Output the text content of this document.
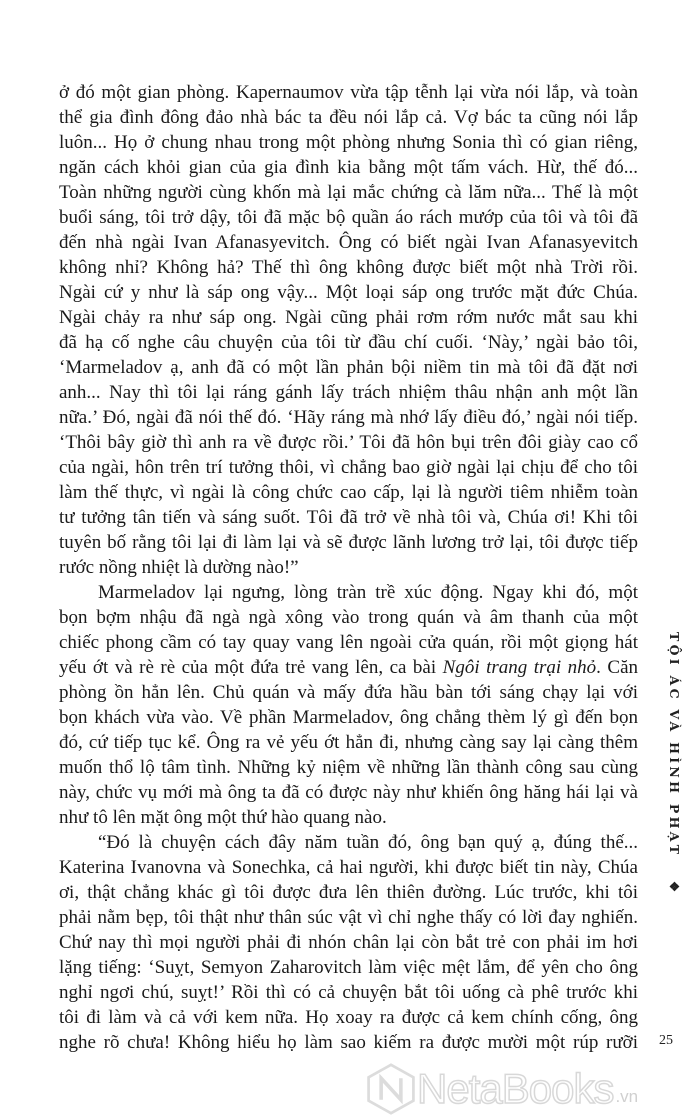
ở đó một gian phòng. Kapernaumov vừa tập tễnh lại vừa nói lắp, và toàn
thể gia đình đông đảo nhà bác ta đều nói lắp cả. Vợ bác ta cũng nói lắp
luôn... Họ ở chung nhau trong một phòng nhưng Sonia thì có gian riêng,
ngăn cách khỏi gian của gia đình kia bằng một tấm vách. Hừ, thế đó...
Toàn những người cùng khốn mà lại mắc chứng cà lăm nữa... Thế là một
buổi sáng, tôi trở dậy, tôi đã mặc bộ quần áo rách mướp của tôi và tôi đã
đến nhà ngài Ivan Afanasyevitch. Ông có biết ngài Ivan Afanasyevitch
không nhỉ? Không hả? Thế thì ông không được biết một nhà Trời rồi.
Ngài cứ y như là sáp ong vậy... Một loại sáp ong trước mặt đức Chúa.
Ngài chảy ra như sáp ong. Ngài cũng phải rơm rớm nước mắt sau khi
đã hạ cố nghe câu chuyện của tôi từ đầu chí cuối. ‘Này,’ ngài bảo tôi,
‘Marmeladov ạ, anh đã có một lần phản bội niềm tin mà tôi đã đặt nơi
anh... Nay thì tôi lại ráng gánh lấy trách nhiệm thâu nhận anh một lần
nữa.’ Đó, ngài đã nói thế đó. ‘Hãy ráng mà nhớ lấy điều đó,’ ngài nói tiếp.
‘Thôi bây giờ thì anh ra về được rồi.’ Tôi đã hôn bụi trên đôi giày cao cổ
của ngài, hôn trên trí tưởng thôi, vì chẳng bao giờ ngài lại chịu để cho tôi
làm thế thực, vì ngài là công chức cao cấp, lại là người tiêm nhiễm toàn
tư tưởng tân tiến và sáng suốt. Tôi đã trở về nhà tôi và, Chúa ơi! Khi tôi
tuyên bố rằng tôi lại đi làm lại và sẽ được lãnh lương trở lại, tôi được tiếp
rước nồng nhiệt là dường nào!”
Marmeladov lại ngưng, lòng tràn trề xúc động. Ngay khi đó, một
bọn bợm nhậu đã ngà ngà xông vào trong quán và âm thanh của một
chiếc phong cầm có tay quay vang lên ngoài cửa quán, rồi một giọng hát
yếu ớt và rè rè của một đứa trẻ vang lên, ca bài Ngôi trang trại nhỏ. Căn
phòng ồn hẳn lên. Chủ quán và mấy đứa hầu bàn tới sáng chạy lại với
bọn khách vừa vào. Về phần Marmeladov, ông chẳng thèm lý gì đến bọn
đó, cứ tiếp tục kể. Ông ra vẻ yếu ớt hẳn đi, nhưng càng say lại càng thêm
muốn thổ lộ tâm tình. Những kỷ niệm về những lần thành công sau cùng
này, chức vụ mới mà ông ta đã có được này như khiến ông hăng hái lại và
như tô lên mặt ông một thứ hào quang nào.
“Đó là chuyện cách đây năm tuần đó, ông bạn quý ạ, đúng thế...
Katerina Ivanovna và Sonechka, cả hai người, khi được biết tin này, Chúa
ơi, thật chẳng khác gì tôi được đưa lên thiên đường. Lúc trước, khi tôi
phải nằm bẹp, tôi thật như thân súc vật vì chỉ nghe thấy có lời đay nghiến.
Chứ nay thì mọi người phải đi nhón chân lại còn bắt trẻ con phải im hơi
lặng tiếng: ‘Suỵt, Semyon Zaharovitch làm việc mệt lắm, để yên cho ông
nghỉ ngơi chú, suỵt!’ Rồi thì có cả chuyện bắt tôi uống cà phê trước khi
tôi đi làm và cả với kem nữa. Họ xoay ra được cả kem chính cống, ông
nghe rõ chưa! Không hiểu họ làm sao kiếm ra được mười một rúp rưỡi
TỘI ÁC VÀ HÌNH PHẠT ❖
25
NetaBooks .vn
